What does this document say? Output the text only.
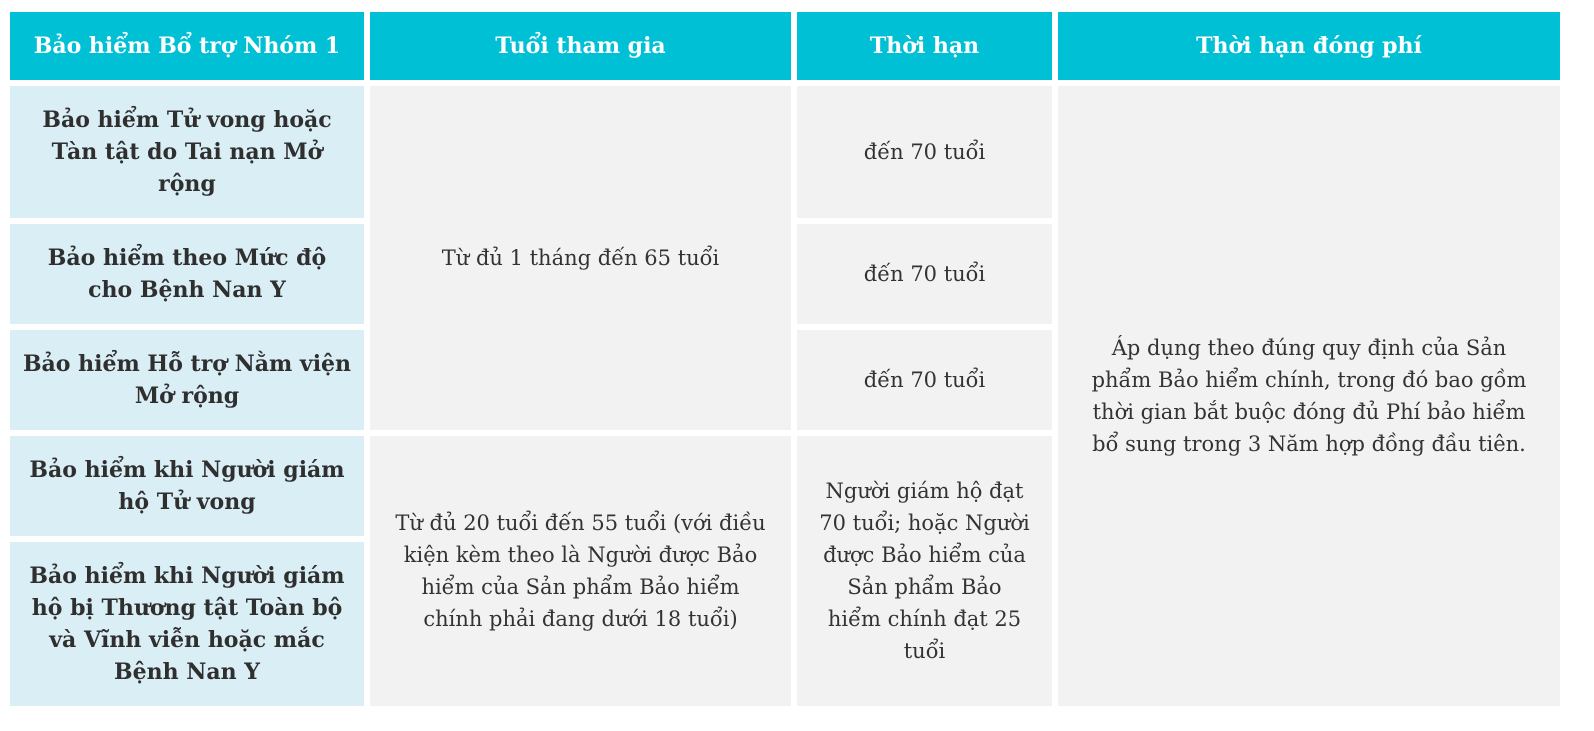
Bảo hiểm Bổ trợ Nhóm 1	Tuổi tham gia	Thời hạn	Thời hạn đóng phí
Bảo hiểm Tử vong hoặc Tàn tật do Tai nạn Mở rộng	Từ đủ 1 tháng đến 65 tuổi	đến 70 tuổi	Áp dụng theo đúng quy định của Sản phẩm Bảo hiểm chính, trong đó bao gồm thời gian bắt buộc đóng đủ Phí bảo hiểm bổ sung trong 3 Năm hợp đồng đầu tiên.
Bảo hiểm theo Mức độ cho Bệnh Nan Y		đến 70 tuổi	
Bảo hiểm Hỗ trợ Nằm viện Mở rộng		đến 70 tuổi	
Bảo hiểm khi Người giám hộ Tử vong	Từ đủ 20 tuổi đến 55 tuổi (với điều kiện kèm theo là Người được Bảo hiểm của Sản phẩm Bảo hiểm chính phải đang dưới 18 tuổi)	Người giám hộ đạt 70 tuổi; hoặc Người được Bảo hiểm của Sản phẩm Bảo hiểm chính đạt 25 tuổi	
Bảo hiểm khi Người giám hộ bị Thương tật Toàn bộ và Vĩnh viễn hoặc mắc Bệnh Nan Y			
